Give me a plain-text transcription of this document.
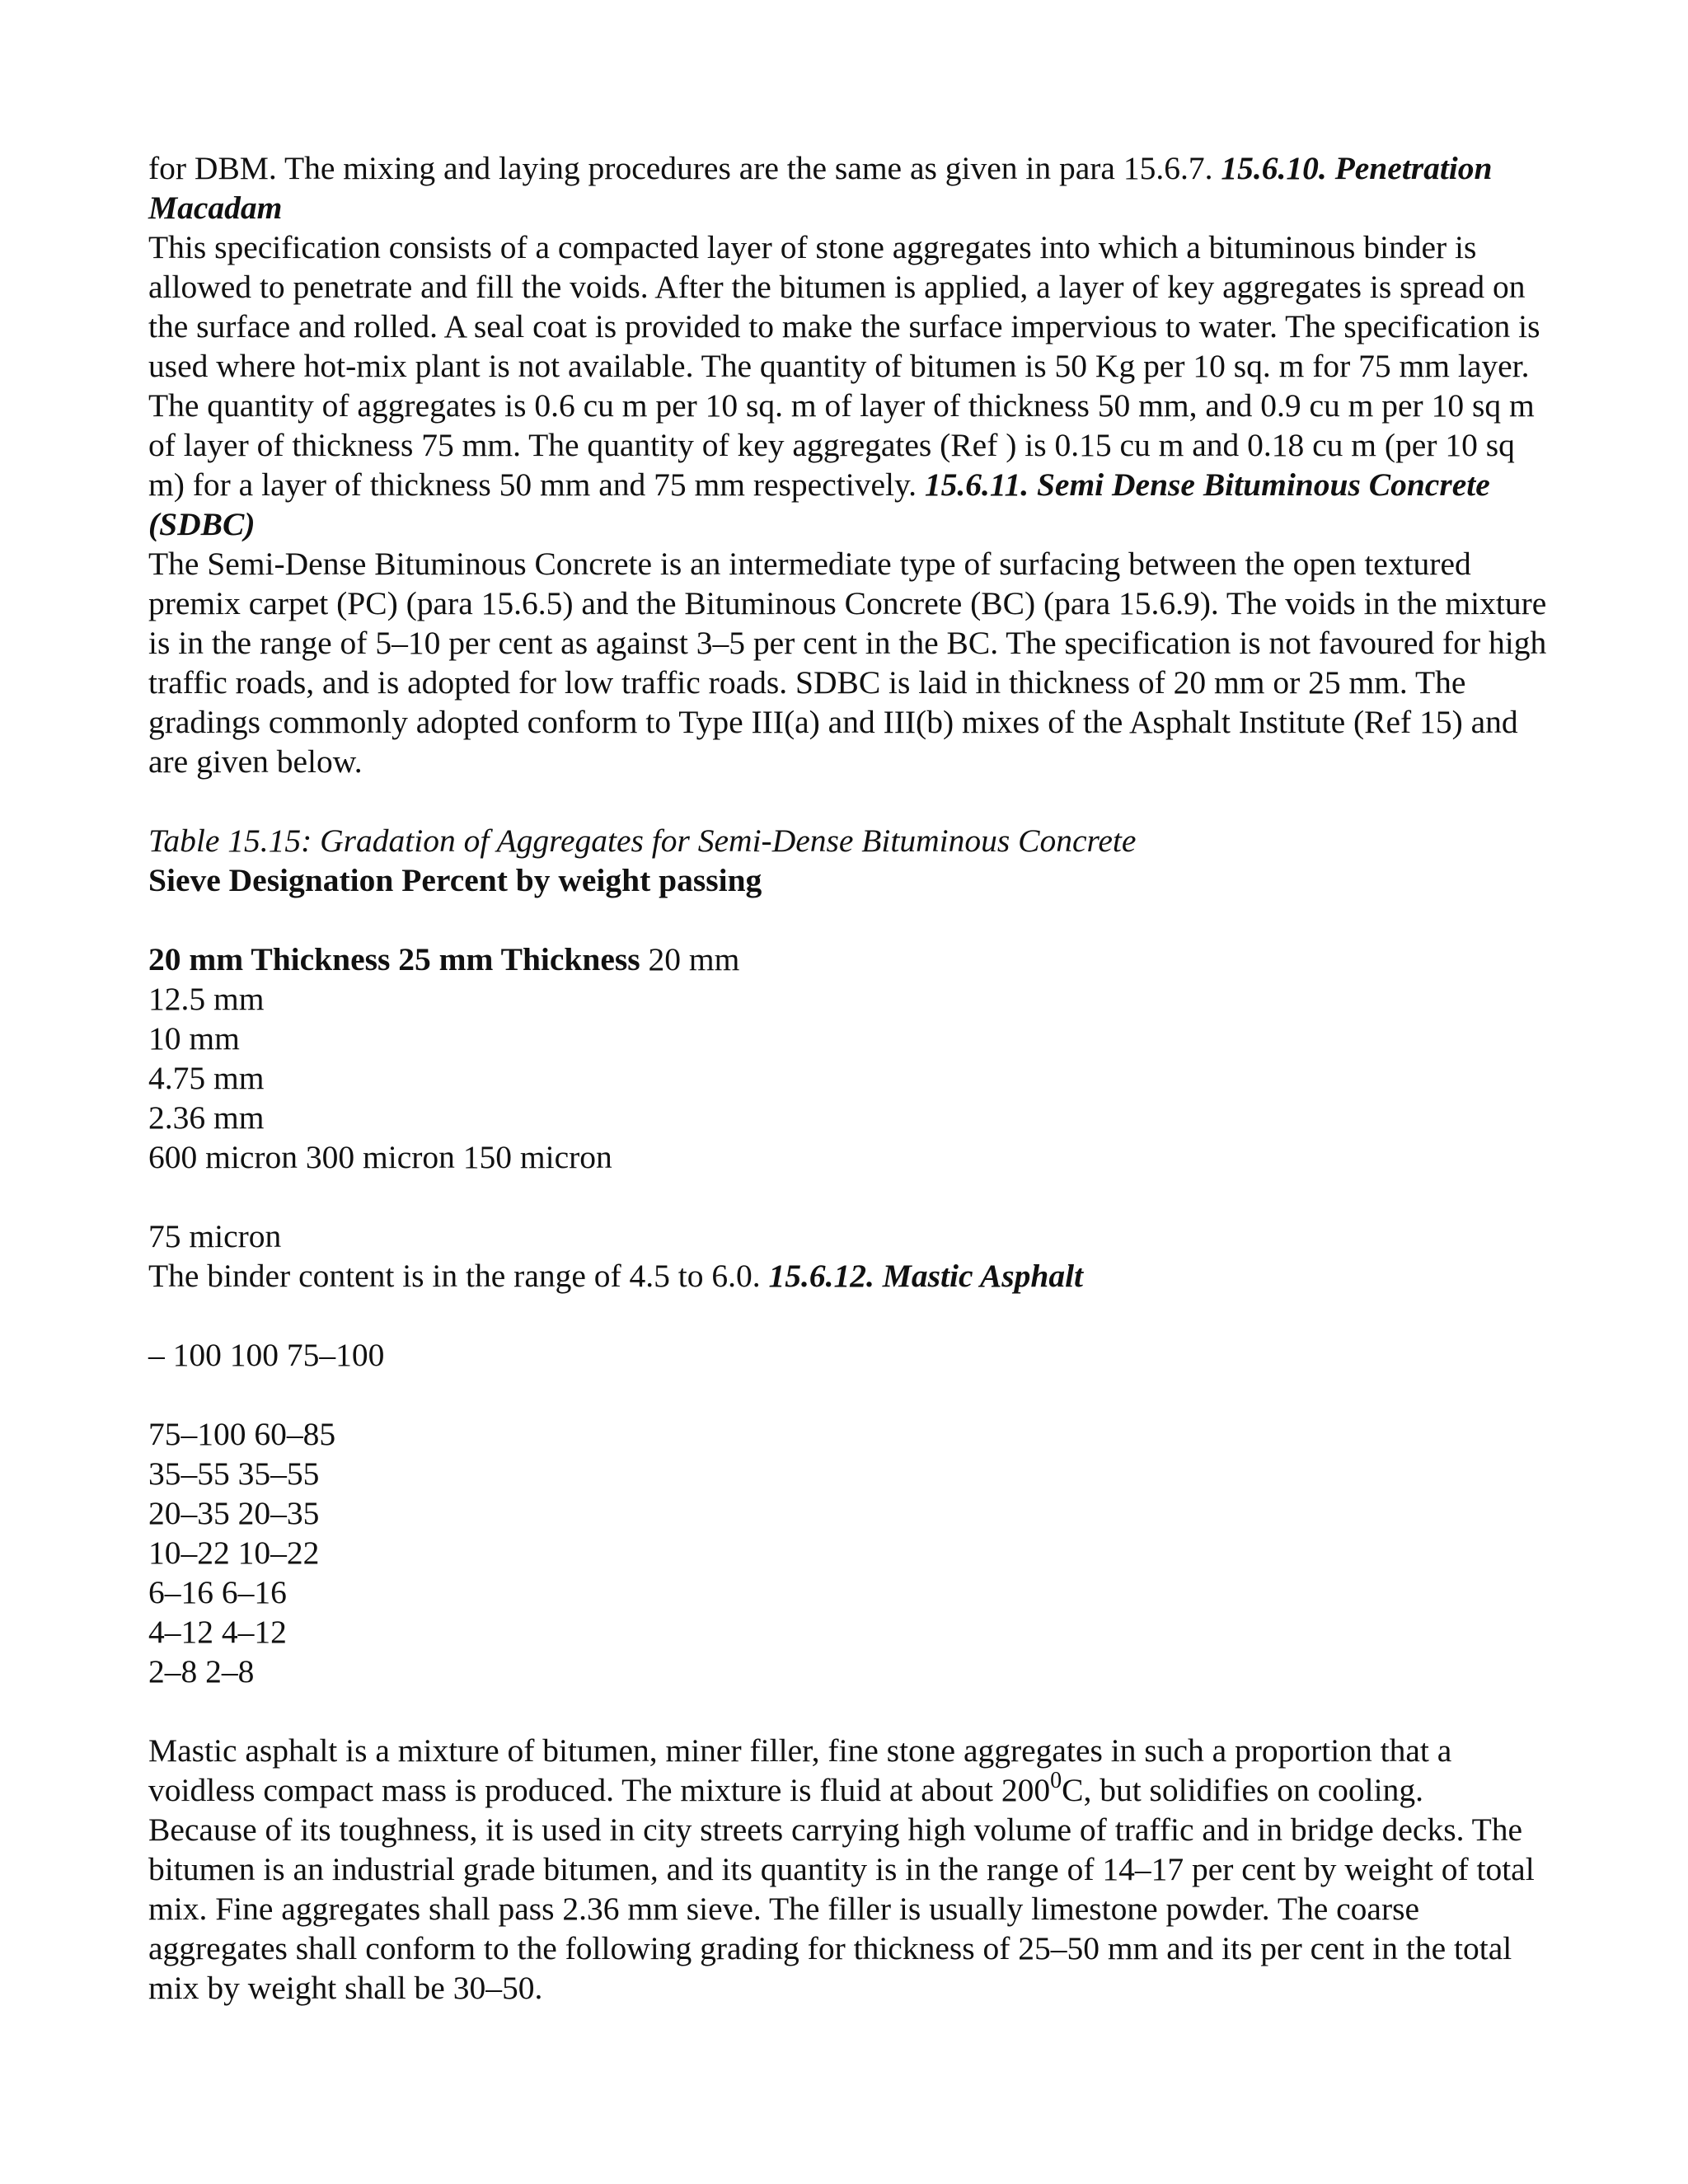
for DBM. The mixing and laying procedures are the same as given in para 15.6.7. 15.6.10. Penetration Macadam

This specification consists of a compacted layer of stone aggregates into which a bituminous binder is allowed to penetrate and fill the voids. After the bitumen is applied, a layer of key aggregates is spread on the surface and rolled. A seal coat is provided to make the surface impervious to water. The specification is used where hot-mix plant is not available. The quantity of bitumen is 50 Kg per 10 sq. m for 75 mm layer. The quantity of aggregates is 0.6 cu m per 10 sq. m of layer of thickness 50 mm, and 0.9 cu m per 10 sq m of layer of thickness 75 mm. The quantity of key aggregates (Ref ) is 0.15 cu m and 0.18 cu m (per 10 sq m) for a layer of thickness 50 mm and 75 mm respectively. 15.6.11. Semi Dense Bituminous Concrete (SDBC)

The Semi-Dense Bituminous Concrete is an intermediate type of surfacing between the open textured premix carpet (PC) (para 15.6.5) and the Bituminous Concrete (BC) (para 15.6.9). The voids in the mixture is in the range of 5–10 per cent as against 3–5 per cent in the BC. The specification is not favoured for high traffic roads, and is adopted for low traffic roads. SDBC is laid in thickness of 20 mm or 25 mm. The gradings commonly adopted conform to Type III(a) and III(b) mixes of the Asphalt Institute (Ref 15) and are given below.

Table 15.15: Gradation of Aggregates for Semi-Dense Bituminous Concrete
Sieve Designation Percent by weight passing
20 mm Thickness 25 mm Thickness 20 mm
12.5 mm
10 mm
4.75 mm
2.36 mm
600 micron 300 micron 150 micron
75 micron
The binder content is in the range of 4.5 to 6.0. 15.6.12. Mastic Asphalt
– 100 100 75–100
75–100 60–85
35–55 35–55
20–35 20–35
10–22 10–22
6–16 6–16
4–12 4–12
2–8 2–8
Mastic asphalt is a mixture of bitumen, miner filler, fine stone aggregates in such a proportion that a
voidless compact mass is produced. The mixture is fluid at about $200^0C$, but solidifies on cooling.

Because of its toughness, it is used in city streets carrying high volume of traffic and in bridge decks. The bitumen is an industrial grade bitumen, and its quantity is in the range of 14–17 per cent by weight of total mix. Fine aggregates shall pass 2.36 mm sieve. The filler is usually limestone powder. The coarse aggregates shall conform to the following grading for thickness of 25–50 mm and its per cent in the total mix by weight shall be 30–50.
